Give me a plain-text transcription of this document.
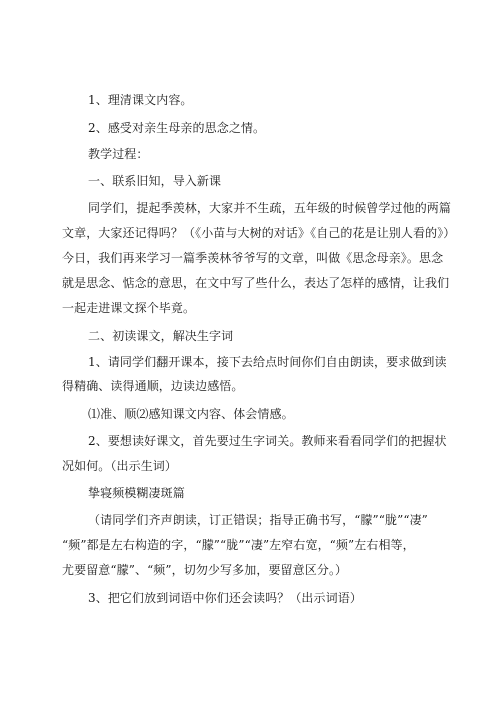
1、理清课文内容。
2、感受对亲生母亲的思念之情。
教学过程：
一、联系旧知，导入新课
同学们，提起季羡林，大家并不生疏，五年级的时候曾学过他的两篇
文章，大家还记得吗？（《小苗与大树的对话》《自己的花是让别人看的》）
今日，我们再来学习一篇季羡林爷爷写的文章，叫做《思念母亲》。思念
就是思念、惦念的意思，在文中写了些什么，表达了怎样的感情，让我们
一起走进课文探个毕竟。
二、初读课文，解决生字词
1、请同学们翻开课本，接下去给点时间你们自由朗读，要求做到读
得精确、读得通顺，边读边感悟。
⑴准、顺⑵感知课文内容、体会情感。
2、要想读好课文，首先要过生字词关。教师来看看同学们的把握状
况如何。（出示生词）
挚寝频模糊凄斑篇
（请同学们齐声朗读，订正错误；指导正确书写，“朦”“胧”“凄”
“频”都是左右构造的字，“朦”“胧”“凄”左窄右宽，“频”左右相等，
尤要留意“朦”、“频”，切勿少写多加，要留意区分。）
3、把它们放到词语中你们还会读吗？（出示词语）
